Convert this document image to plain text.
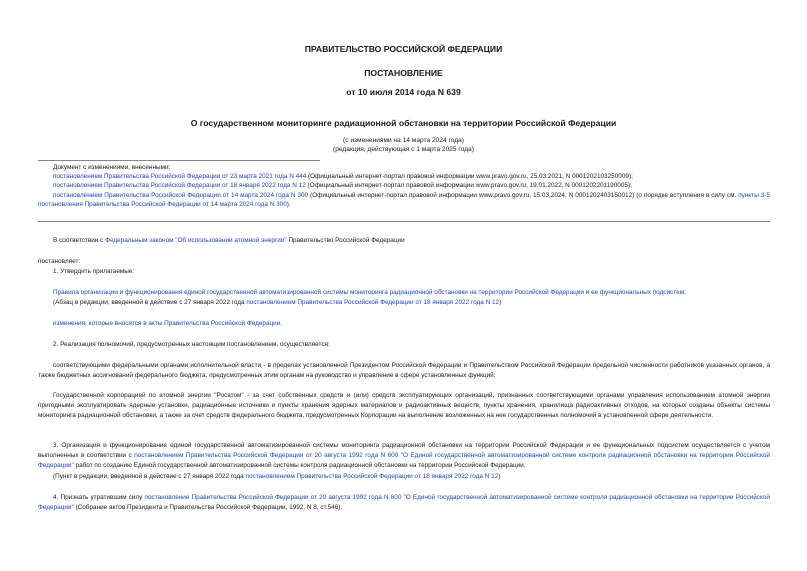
ПРАВИТЕЛЬСТВО РОССИЙСКОЙ ФЕДЕРАЦИИ
ПОСТАНОВЛЕНИЕ
от 10 июля 2014 года N 639
О государственном мониторинге радиационной обстановки на территории Российской Федерации
(с изменениями на 14 марта 2024 года)
(редакция, действующая с 1 марта 2025 года)
Документ с изменениями, внесенными:
постановлением Правительства Российской Федерации от 23 марта 2021 года N 444 (Официальный интернет-портал правовой информации www.pravo.gov.ru, 25.03.2021, N 0001202103250009);
постановлением Правительства Российской Федерации от 18 января 2022 года N 12 (Официальный интернет-портал правовой информации www.pravo.gov.ru, 19.01.2022, N 0001202201190005);
постановлением Правительства Российской Федерации от 14 марта 2024 года N 300 (Официальный интернет-портал правовой информации www.pravo.gov.ru, 15.03.2024, N 0001202403150012) (о порядке вступления в силу см. пункты 3-5 постановления Правительства Российской Федерации от 14 марта 2024 года N 300).
В соответствии с Федеральным законом "Об использовании атомной энергии" Правительство Российской Федерации
постановляет:
1. Утвердить прилагаемые:
Правила организации и функционирования единой государственной автоматизированной системы мониторинга радиационной обстановки на территории Российской Федерации и ее функциональных подсистем;
(Абзац в редакции, введенной в действие с 27 января 2022 года постановлением Правительства Российской Федерации от 18 января 2022 года N 12)
изменения, которые вносятся в акты Правительства Российской Федерации.
2. Реализация полномочий, предусмотренных настоящим постановлением, осуществляется:
соответствующими федеральными органами исполнительной власти - в пределах установленной Президентом Российской Федерации и Правительством Российской Федерации предельной численности работников указанных органов, а также бюджетных ассигнований федерального бюджета, предусмотренных этим органам на руководство и управление в сфере установленных функций;
Государственной корпорацией по атомной энергии "Росатом" - за счет собственных средств и (или) средств эксплуатирующих организаций, признанных соответствующими органами управления использованием атомной энергии пригодными эксплуатировать ядерные установки, радиационные источники и пункты хранения ядерных материалов и радиоактивных веществ, пункты хранения, хранилища радиоактивных отходов, на которых созданы объекты системы мониторинга радиационной обстановки, а также за счет средств федерального бюджета, предусмотренных Корпорации на выполнение возложенных на нее государственных полномочий в установленной сфере деятельности.
3. Организация и функционирование единой государственной автоматизированной системы мониторинга радиационной обстановки на территории Российской Федерации и ее функциональных подсистем осуществляется с учетом выполненных в соответствии с постановлением Правительства Российской Федерации от 20 августа 1992 года N 600 "О Единой государственной автоматизированной системе контроля радиационной обстановки на территории Российской Федерации" работ по созданию Единой государственной автоматизированной системы контроля радиационной обстановки на территории Российской Федерации.
(Пункт в редакции, введенной в действие с 27 января 2022 года постановлением Правительства Российской Федерации от 18 января 2022 года N 12)
4. Признать утратившим силу постановление Правительства Российской Федерации от 20 августа 1992 года N 600 "О Единой государственной автоматизированной системе контроля радиационной обстановки на территории Российской Федерации" (Собрание актов Президента и Правительства Российской Федерации, 1992, N 8, ст.546).
